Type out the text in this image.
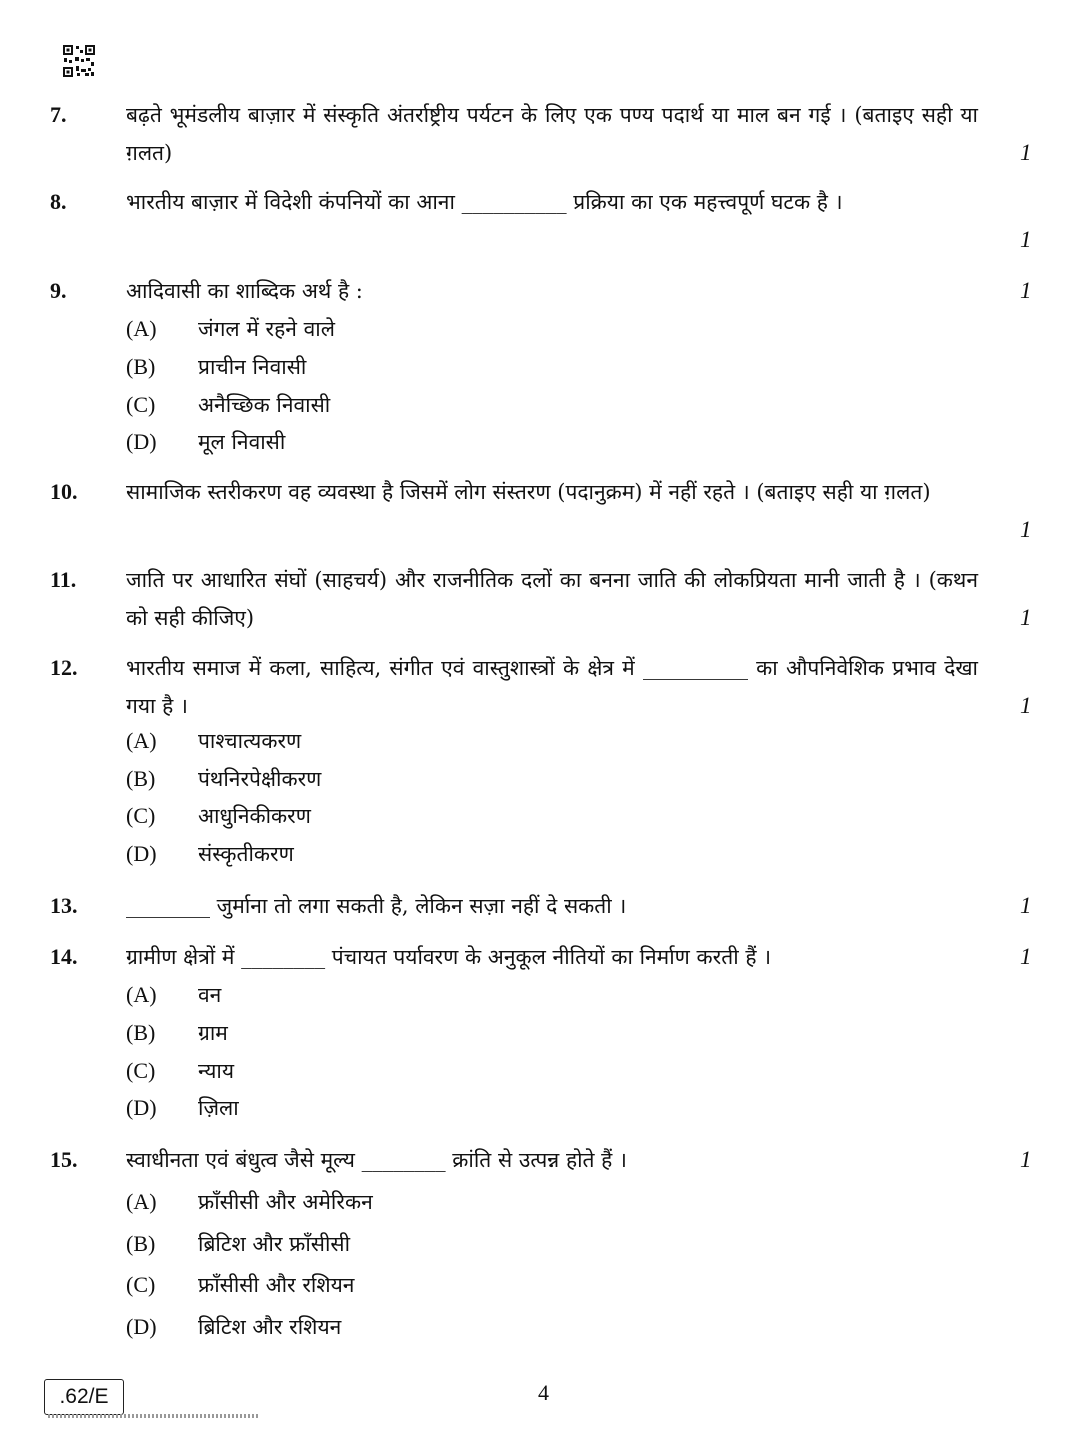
7.	बढ़ते भूमंडलीय बाज़ार में संस्कृति अंतर्राष्ट्रीय पर्यटन के लिए एक पण्य पदार्थ या माल बन गई । (बताइए सही या ग़लत)	1
8.	भारतीय बाज़ार में विदेशी कंपनियों का आना __________ प्रक्रिया का एक महत्त्वपूर्ण घटक है ।
1
9.	आदिवासी का शाब्दिक अर्थ है :	1
(A) जंगल में रहने वाले
(B) प्राचीन निवासी
(C) अनैच्छिक निवासी
(D) मूल निवासी
10. सामाजिक स्तरीकरण वह व्यवस्था है जिसमें लोग संस्तरण (पदानुक्रम) में नहीं रहते । (बताइए सही या ग़लत)
1
11. जाति पर आधारित संघों (साहचर्य) और राजनीतिक दलों का बनना जाति की लोकप्रियता मानी जाती है । (कथन को सही कीजिए)	1
12. भारतीय समाज में कला, साहित्य, संगीत एवं वास्तुशास्त्रों के क्षेत्र में __________ का औपनिवेशिक प्रभाव देखा गया है ।	1
(A) पाश्चात्यकरण
(B) पंथनिरपेक्षीकरण
(C) आधुनिकीकरण
(D) संस्कृतीकरण
13. ________ जुर्माना तो लगा सकती है, लेकिन सज़ा नहीं दे सकती ।	1
14. ग्रामीण क्षेत्रों में ________ पंचायत पर्यावरण के अनुकूल नीतियों का निर्माण करती हैं ।	1
(A) वन
(B) ग्राम
(C) न्याय
(D) ज़िला
15. स्वाधीनता एवं बंधुत्व जैसे मूल्य ________ क्रांति से उत्पन्न होते हैं ।	1
(A) फ्राँसीसी और अमेरिकन
(B) ब्रिटिश और फ्राँसीसी
(C) फ्राँसीसी और रशियन
(D) ब्रिटिश और रशियन
.62/E	4
